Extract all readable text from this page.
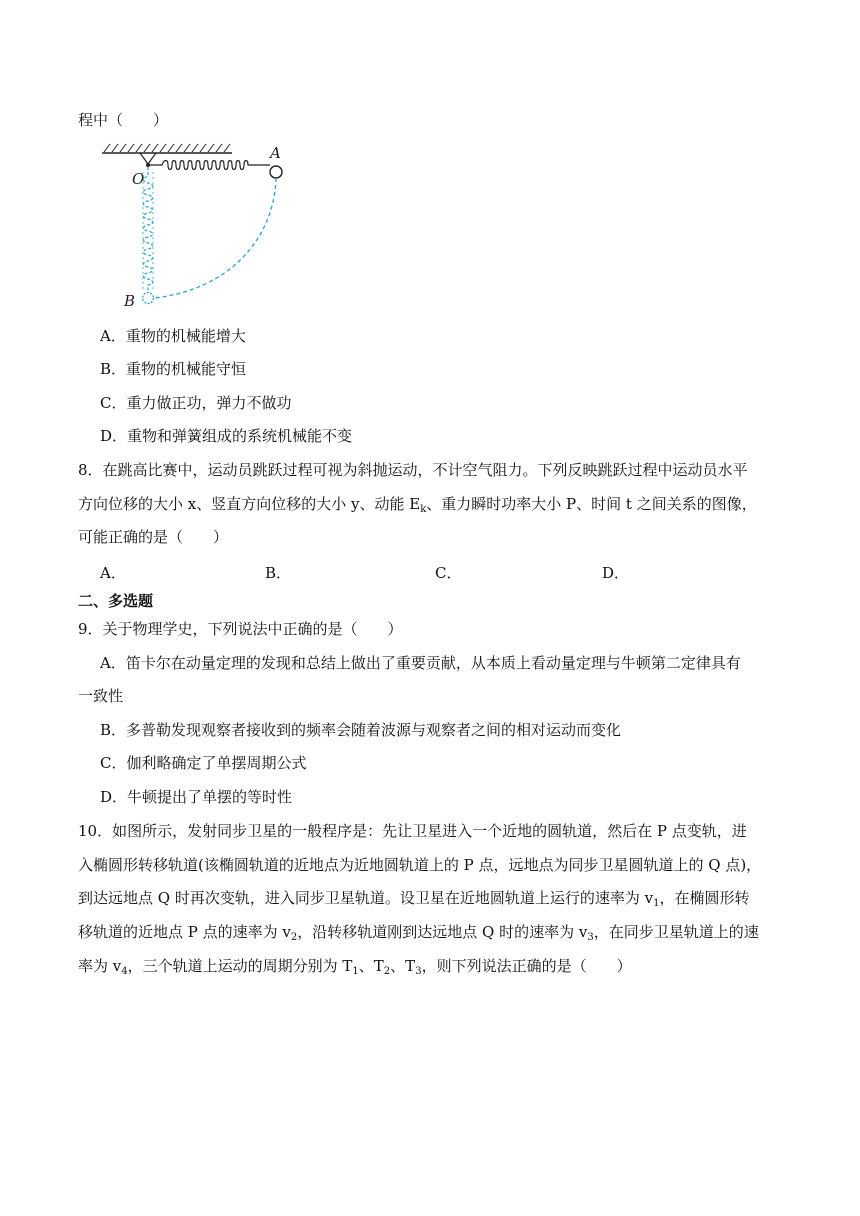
程中（　　）
O
A
B
A．重物的机械能增大
B．重物的机械能守恒
C．重力做正功，弹力不做功
D．重物和弹簧组成的系统机械能不变
8．在跳高比赛中，运动员跳跃过程可视为斜抛运动，不计空气阻力。下列反映跳跃过程中运动员水平
方向位移的大小 x、竖直方向位移的大小 y、动能 $E_k$、重力瞬时功率大小 P、时间 t 之间关系的图像，
可能正确的是（　　）
A．	B．	C．	D．
二、多选题
9．关于物理学史，下列说法中正确的是（　　）
A．笛卡尔在动量定理的发现和总结上做出了重要贡献，从本质上看动量定理与牛顿第二定律具有
一致性
B．多普勒发现观察者接收到的频率会随着波源与观察者之间的相对运动而变化
C．伽利略确定了单摆周期公式
D．牛顿提出了单摆的等时性
10．如图所示，发射同步卫星的一般程序是：先让卫星进入一个近地的圆轨道，然后在 P 点变轨，进
入椭圆形转移轨道(该椭圆轨道的近地点为近地圆轨道上的 P 点，远地点为同步卫星圆轨道上的 Q 点)，
到达远地点 Q 时再次变轨，进入同步卫星轨道。设卫星在近地圆轨道上运行的速率为 $v_1$，在椭圆形转
移轨道的近地点 P 点的速率为 $v_2$，沿转移轨道刚到达远地点 Q 时的速率为 $v_3$，在同步卫星轨道上的速
率为 $v_4$，三个轨道上运动的周期分别为 $T_1$、$T_2$、$T_3$，则下列说法正确的是（　　）
